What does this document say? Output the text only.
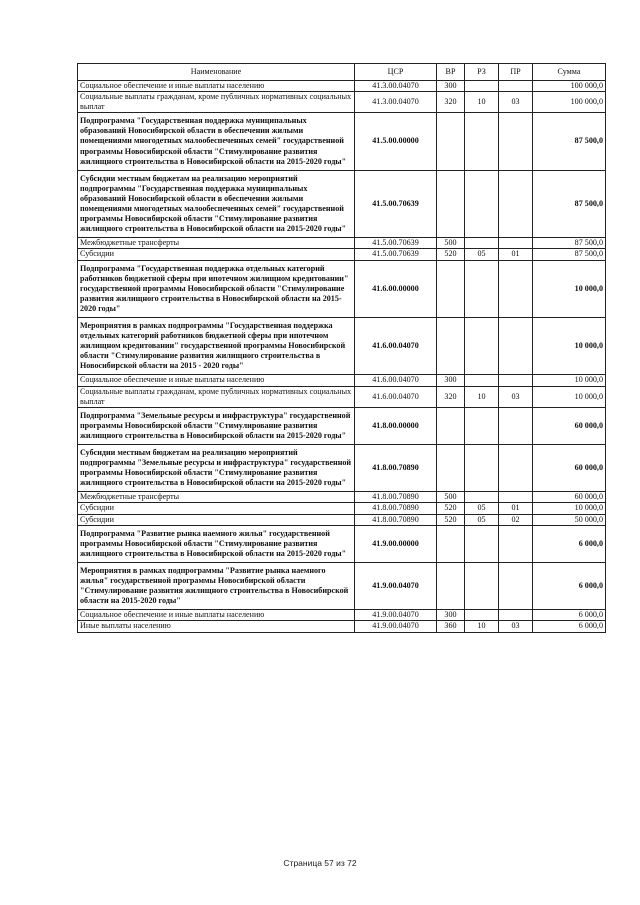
Наименование	ЦСР	ВР	РЗ	ПР	Сумма
Социальное обеспечение и иные выплаты населению	41.3.00.04070	300			100 000,0
Социальные выплаты гражданам, кроме публичных нормативных социальных выплат	41.3.00.04070	320	10	03	100 000,0
Подпрограмма "Государственная поддержка муниципальных образований Новосибирской области в обеспечении жилыми помещениями многодетных малообеспеченных семей" государственной программы Новосибирской области "Стимулирование развития жилищного строительства в Новосибирской области на 2015-2020 годы"	41.5.00.00000				87 500,0
Субсидии местным бюджетам на реализацию мероприятий подпрограммы "Государственная поддержка муниципальных образований Новосибирской области в обеспечении жилыми помещениями многодетных малообеспеченных семей" государственной программы Новосибирской области "Стимулирование развития жилищного строительства в Новосибирской области на 2015-2020 годы"	41.5.00.70639				87 500,0
Межбюджетные трансферты	41.5.00.70639	500			87 500,0
Субсидии	41.5.00.70639	520	05	01	87 500,0
Подпрограмма "Государственная поддержка отдельных категорий работников бюджетной сферы при ипотечном жилищном кредитовании" государственной программы Новосибирской области "Стимулирование развития жилищного строительства в Новосибирской области на 2015-2020 годы"	41.6.00.00000				10 000,0
Мероприятия в рамках подпрограммы "Государственная поддержка отдельных категорий работников бюджетной сферы при ипотечном жилищном кредитовании" государственной программы Новосибирской области "Стимулирование развития жилищного строительства в Новосибирской области на 2015 - 2020 годы"	41.6.00.04070				10 000,0
Социальное обеспечение и иные выплаты населению	41.6.00.04070	300			10 000,0
Социальные выплаты гражданам, кроме публичных нормативных социальных выплат	41.6.00.04070	320	10	03	10 000,0
Подпрограмма "Земельные ресурсы и инфраструктура" государственной программы Новосибирской области "Стимулирование развития жилищного строительства в Новосибирской области на 2015-2020 годы"	41.8.00.00000				60 000,0
Субсидии местным бюджетам на реализацию мероприятий подпрограммы "Земельные ресурсы и инфраструктура" государственной программы Новосибирской области "Стимулирование развития жилищного строительства в Новосибирской области на 2015-2020 годы"	41.8.00.70890				60 000,0
Межбюджетные трансферты	41.8.00.70890	500			60 000,0
Субсидии	41.8.00.70890	520	05	01	10 000,0
Субсидии	41.8.00.70890	520	05	02	50 000,0
Подпрограмма "Развитие рынка наемного жилья" государственной программы Новосибирской области "Стимулирование развития жилищного строительства в Новосибирской области на 2015-2020 годы"	41.9.00.00000				6 000,0
Мероприятия в рамках подпрограммы "Развитие рынка наемного жилья" государственной программы Новосибирской области "Стимулирование развития жилищного строительства в Новосибирской области на 2015-2020 годы"	41.9.00.04070				6 000,0
Социальное обеспечение и иные выплаты населению	41.9.00.04070	300			6 000,0
Иные выплаты населению	41.9.00.04070	360	10	03	6 000,0
Страница 57 из 72
